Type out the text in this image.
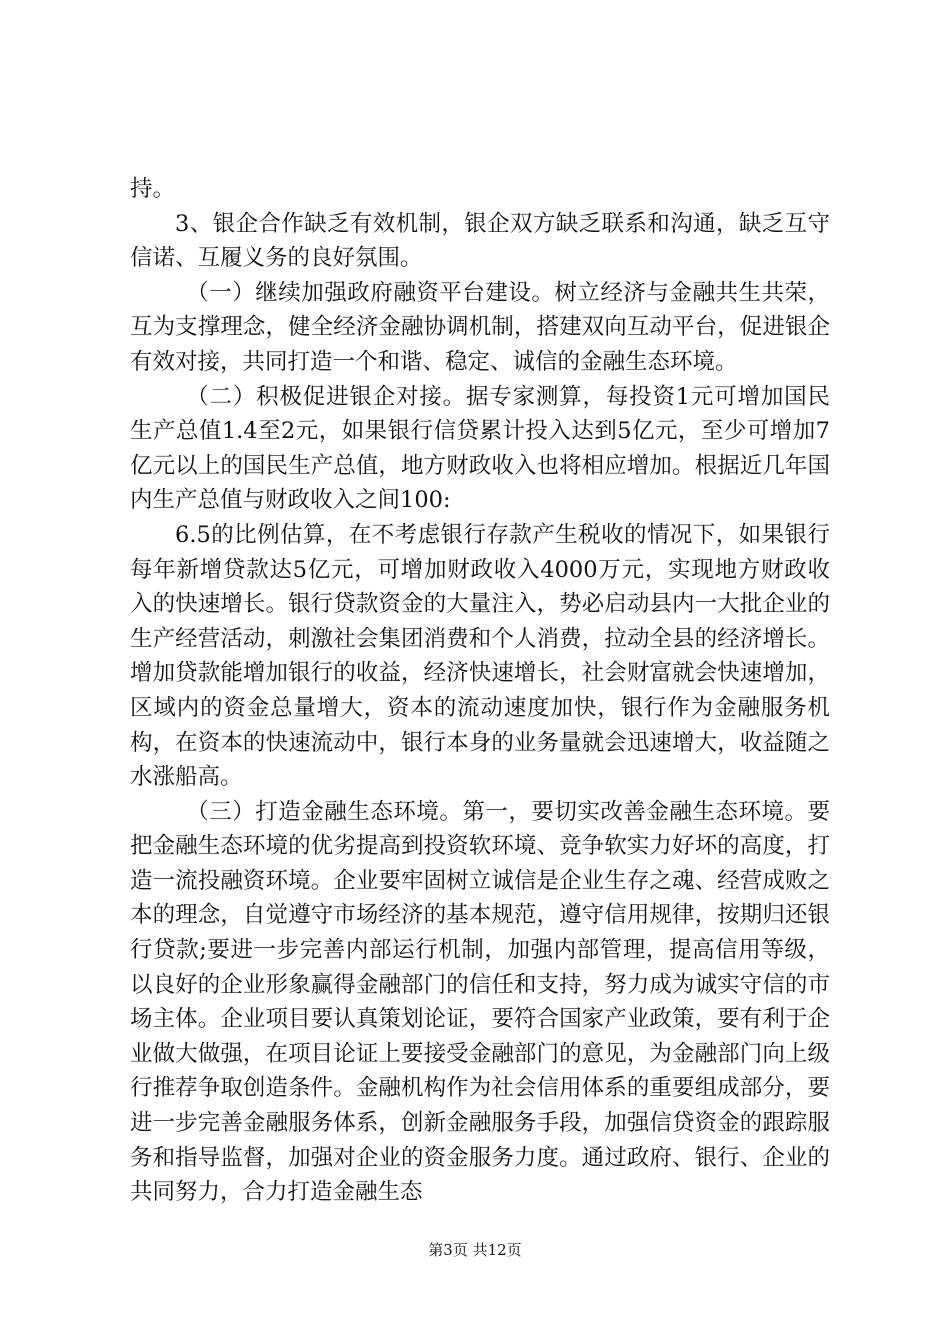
持。

3、银企合作缺乏有效机制，银企双方缺乏联系和沟通，缺乏互守信诺、互履义务的良好氛围。

（一）继续加强政府融资平台建设。树立经济与金融共生共荣，互为支撑理念，健全经济金融协调机制，搭建双向互动平台，促进银企有效对接，共同打造一个和谐、稳定、诚信的金融生态环境。

（二）积极促进银企对接。据专家测算，每投资1元可增加国民生产总值1.4至2元，如果银行信贷累计投入达到5亿元，至少可增加7亿元以上的国民生产总值，地方财政收入也将相应增加。根据近几年国内生产总值与财政收入之间100:

6.5的比例估算，在不考虑银行存款产生税收的情况下，如果银行每年新增贷款达5亿元，可增加财政收入4000万元，实现地方财政收入的快速增长。银行贷款资金的大量注入，势必启动县内一大批企业的生产经营活动，刺激社会集团消费和个人消费，拉动全县的经济增长。增加贷款能增加银行的收益，经济快速增长，社会财富就会快速增加，区域内的资金总量增大，资本的流动速度加快，银行作为金融服务机构，在资本的快速流动中，银行本身的业务量就会迅速增大，收益随之水涨船高。

（三）打造金融生态环境。第一，要切实改善金融生态环境。要把金融生态环境的优劣提高到投资软环境、竞争软实力好坏的高度，打造一流投融资环境。企业要牢固树立诚信是企业生存之魂、经营成败之本的理念，自觉遵守市场经济的基本规范，遵守信用规律，按期归还银行贷款;要进一步完善内部运行机制，加强内部管理，提高信用等级，以良好的企业形象赢得金融部门的信任和支持，努力成为诚实守信的市场主体。企业项目要认真策划论证，要符合国家产业政策，要有利于企业做大做强，在项目论证上要接受金融部门的意见，为金融部门向上级行推荐争取创造条件。金融机构作为社会信用体系的重要组成部分，要进一步完善金融服务体系，创新金融服务手段，加强信贷资金的跟踪服务和指导监督，加强对企业的资金服务力度。通过政府、银行、企业的共同努力，合力打造金融生态

第3页 共12页
